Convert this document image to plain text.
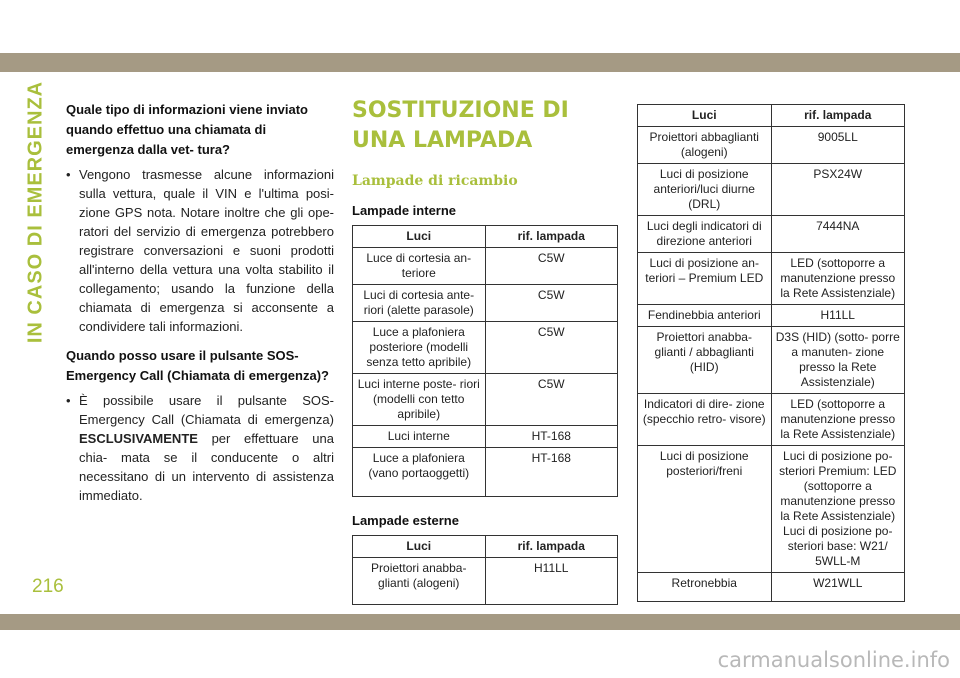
IN CASO DI EMERGENZA Quale tipo di informazioni viene inviato quando effettuo una chiamata di emergenza dalla vet- tura?

• Vengono trasmesse alcune informazioni sulla vettura, quale il VIN e l'ultima posi- zione GPS nota. Notare inoltre che gli ope- ratori del servizio di emergenza potrebbero registrare conversazioni e suoni prodotti all'interno della vettura una volta stabilito il collegamento; usando la funzione della chiamata di emergenza si acconsente a condividere tali informazioni.

Quando posso usare il pulsante SOS-Emergency Call (Chiamata di emergenza)?

• È possibile usare il pulsante SOS- Emergency Call (Chiamata di emergenza) ESCLUSIVAMENTE per effettuare una chia- mata se il conducente o altri necessitano di un intervento di assistenza immediato.
SOSTITUZIONE DI UNA LAMPADA
Lampade di ricambio
Lampade interne
Luci	rif. lampada
Luce di cortesia an- teriore	C5W
Luci di cortesia ante- riori (alette parasole)	C5W
Luce a plafoniera posteriore (modelli senza tetto apribile)	C5W
Luci interne poste- riori (modelli con tetto apribile)	C5W
Luci interne	HT-168
Luce a plafoniera (vano portaoggetti)	HT-168
Lampade esterne
Luci	rif. lampada
Proiettori anabba- glianti (alogeni)	H11LL
Luci	rif. lampada
Proiettori abbaglianti (alogeni)	9005LL
Luci di posizione anteriori/luci diurne (DRL)	PSX24W
Luci degli indicatori di direzione anteriori	7444NA
Luci di posizione an- teriori – Premium LED	LED (sottoporre a manutenzione presso la Rete Assistenziale)
Fendinebbia anteriori	H11LL
Proiettori anabba- glianti / abbaglianti (HID)	D3S (HID) (sotto- porre a manuten- zione presso la Rete Assistenziale)
Indicatori di dire- zione (specchio retro- visore)	LED (sottoporre a manutenzione presso la Rete Assistenziale)
Luci di posizione posteriori/freni	Luci di posizione po- steriori Premium: LED (sottoporre a manutenzione presso la Rete Assistenziale) Luci di posizione po- steriori base: W21/ 5WLL-M
Retronebbia	W21WLL
216
carmanualsonline.info
